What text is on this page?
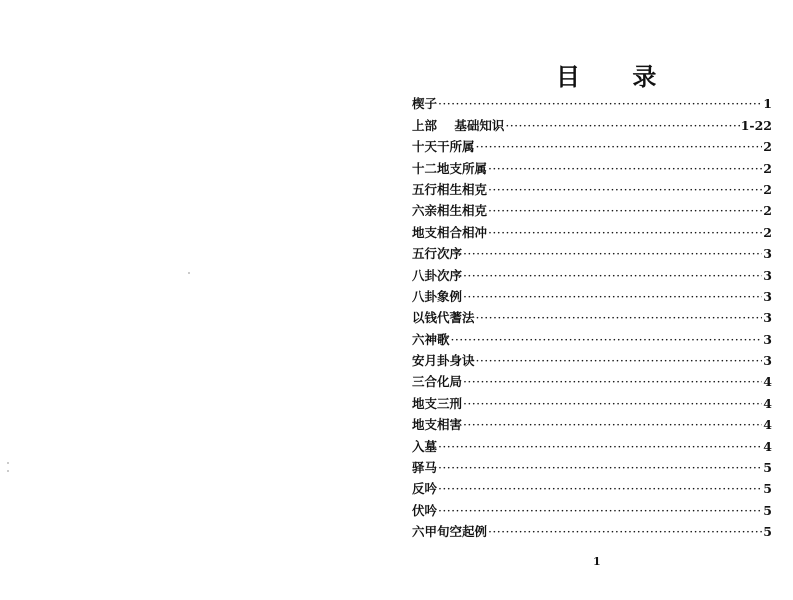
目 录
楔子 ·····	1
上部    基础知识 ·····	1-22
十天干所属 ·····	2
十二地支所属 ·····	2
五行相生相克 ·····	2
六亲相生相克 ·····	2
地支相合相冲 ·····	2
五行次序 ·····	3
八卦次序 ·····	3
八卦象例 ·····	3
以钱代蓍法 ·····	3
六神歌 ·····	3
安月卦身诀 ·····	3
三合化局 ·····	4
地支三刑 ·····	4
地支相害 ·····	4
入墓 ·····	4
驿马 ·····	5
反吟 ·····	5
伏吟 ·····	5
六甲旬空起例 ·····	5
1
